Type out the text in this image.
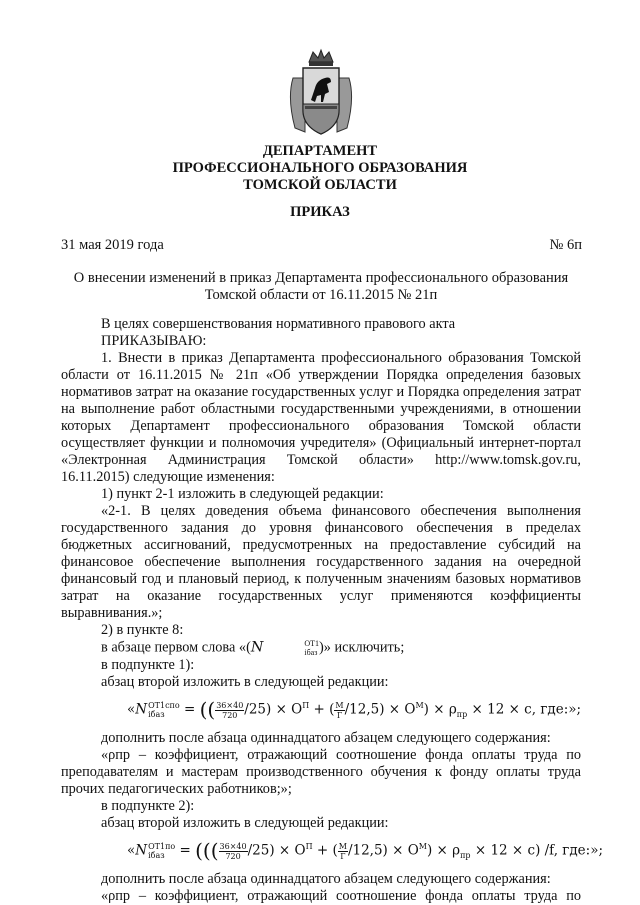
ДЕПАРТАМЕНТ
ПРОФЕССИОНАЛЬНОГО ОБРАЗОВАНИЯ
ТОМСКОЙ ОБЛАСТИ
ПРИКАЗ
31 мая 2019 года	№ 6п
О внесении изменений в приказ Департамента профессионального образования Томской области от 16.11.2015 № 21п

В целях совершенствования нормативного правового акта

ПРИКАЗЫВАЮ:

1. Внести в приказ Департамента профессионального образования Томской области от 16.11.2015 № 21п «Об утверждении Порядка определения базовых нормативов затрат на оказание государственных услуг и Порядка определения затрат на выполнение работ областными государственными учреждениями, в отношении которых Департамент профессионального образования Томской области осуществляет функции и полномочия учредителя» (Официальный интернет-портал «Электронная Администрация Томской области» http://www.tomsk.gov.ru, 16.11.2015) следующие изменения:

1) пункт 2-1 изложить в следующей редакции:

«2-1. В целях доведения объема финансового обеспечения выполнения государственного задания до уровня финансового обеспечения в пределах бюджетных ассигнований, предусмотренных на предоставление субсидий на финансовое обеспечение выполнения государственного задания на очередной финансовый год и плановый период, к полученным значениям базовых нормативов затрат на оказание государственных услуг применяются коэффициенты выравнивания.»;

2) в пункте 8:

в абзаце первом слова «(N	ОТ1
iбаз )» исключить;

в подпункте 1):

абзац второй изложить в следующей редакции:

«N ОТ1спо
iбаз	= (( $\frac{36\times 40}{720} /25) \times О^П$ + ( $\frac{М}{Г} /12,5) \times О^М) \times \rho_{пр} \times 12 \times с$, где:»;

дополнить после абзаца одиннадцатого абзацем следующего содержания:

«ρпр – коэффициент, отражающий соотношение фонда оплаты труда по преподавателям и мастерам производственного обучения к фонду оплаты труда прочих педагогических работников;»;

в подпункте 2):

абзац второй изложить в следующей редакции:

«N ОТ1по
iбаз = ((( $\frac{36\times 40}{720} /25) \times О^П$ + ( $\frac{М}{Г} /12,5) \times О^М) \times \rho_{пр} \times 12 \times с$) /f, где:»;

дополнить после абзаца одиннадцатого абзацем следующего содержания:

«ρпр – коэффициент, отражающий соотношение фонда оплаты труда по
